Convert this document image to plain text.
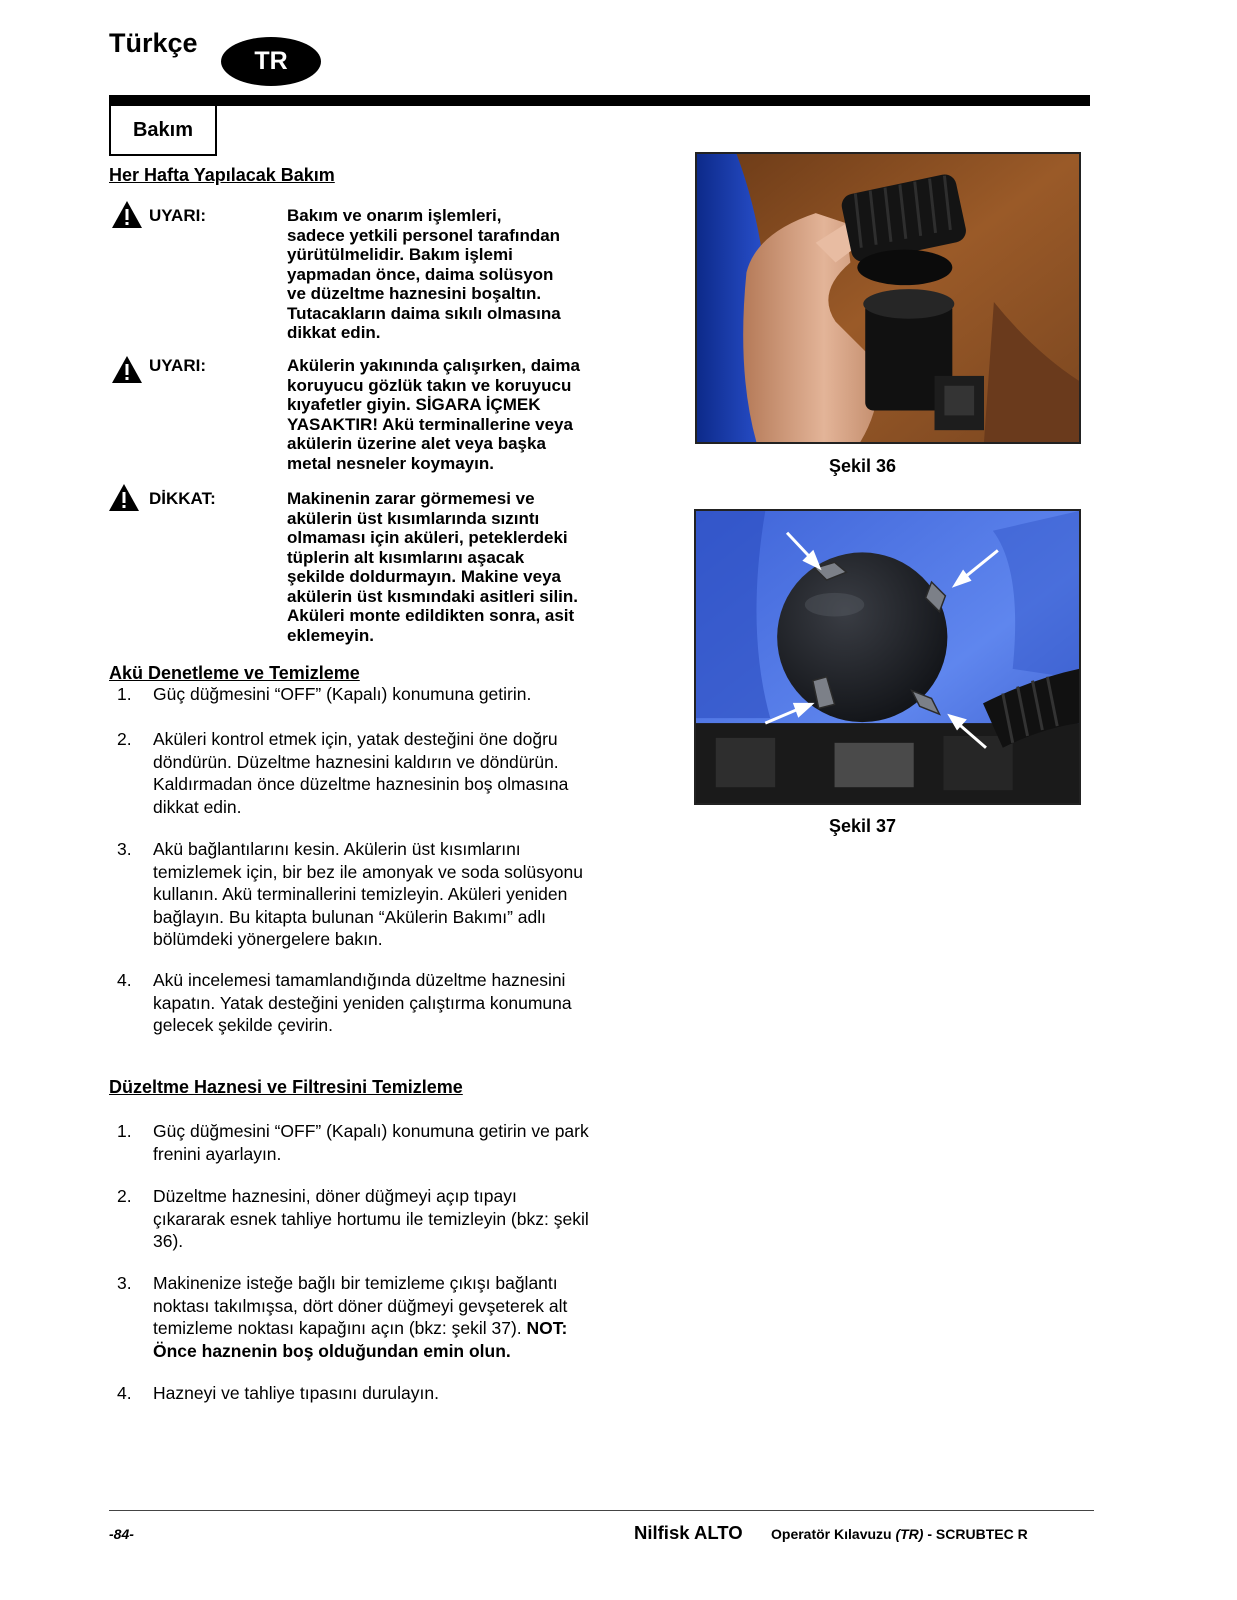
Türkçe
TR
Bakım
Her Hafta Yapılacak Bakım
UYARI:	Bakım ve onarım işlemleri,
sadece yetkili personel tarafından
yürütülmelidir. Bakım işlemi
yapmadan önce, daima solüsyon
ve düzeltme haznesini boşaltın.
Tutacakların daima sıkılı olmasına
dikkat edin.
UYARI:	Akülerin yakınında çalışırken, daima
koruyucu gözlük takın ve koruyucu
kıyafetler giyin. SİGARA İÇMEK
YASAKTIR! Akü terminallerine veya
akülerin üzerine alet veya başka
metal nesneler koymayın.
DİKKAT:	Makinenin zarar görmemesi ve
akülerin üst kısımlarında sızıntı
olmaması için aküleri, peteklerdeki
tüplerin alt kısımlarını aşacak
şekilde doldurmayın. Makine veya
akülerin üst kısmındaki asitleri silin.
Aküleri monte edildikten sonra, asit
eklemeyin.
Akü Denetleme ve Temizleme
1. Güç düğmesini “OFF” (Kapalı) konumuna getirin.
2. Aküleri kontrol etmek için, yatak desteğini öne doğru
döndürün. Düzeltme haznesini kaldırın ve döndürün.
Kaldırmadan önce düzeltme haznesinin boş olmasına
dikkat edin.
3. Akü bağlantılarını kesin. Akülerin üst kısımlarını
temizlemek için, bir bez ile amonyak ve soda solüsyonu
kullanın. Akü terminallerini temizleyin. Aküleri yeniden
bağlayın. Bu kitapta bulunan “Akülerin Bakımı” adlı
bölümdeki yönergelere bakın.
4. Akü incelemesi tamamlandığında düzeltme haznesini
kapatın. Yatak desteğini yeniden çalıştırma konumuna
gelecek şekilde çevirin.
Düzeltme Haznesi ve Filtresini Temizleme
1. Güç düğmesini “OFF” (Kapalı) konumuna getirin ve park
frenini ayarlayın.
2. Düzeltme haznesini, döner düğmeyi açıp tıpayı
çıkararak esnek tahliye hortumu ile temizleyin (bkz: şekil
36).
3. Makinenize isteğe bağlı bir temizleme çıkışı bağlantı
noktası takılmışsa, dört döner düğmeyi gevşeterek alt
temizleme noktası kapağını açın (bkz: şekil 37). NOT:
Önce haznenin boş olduğundan emin olun.
4. Hazneyi ve tahliye tıpasını durulayın.
Şekil 36
Şekil 37
-84-	Nilfisk ALTO Operatör Kılavuzu (TR) - SCRUBTEC R
